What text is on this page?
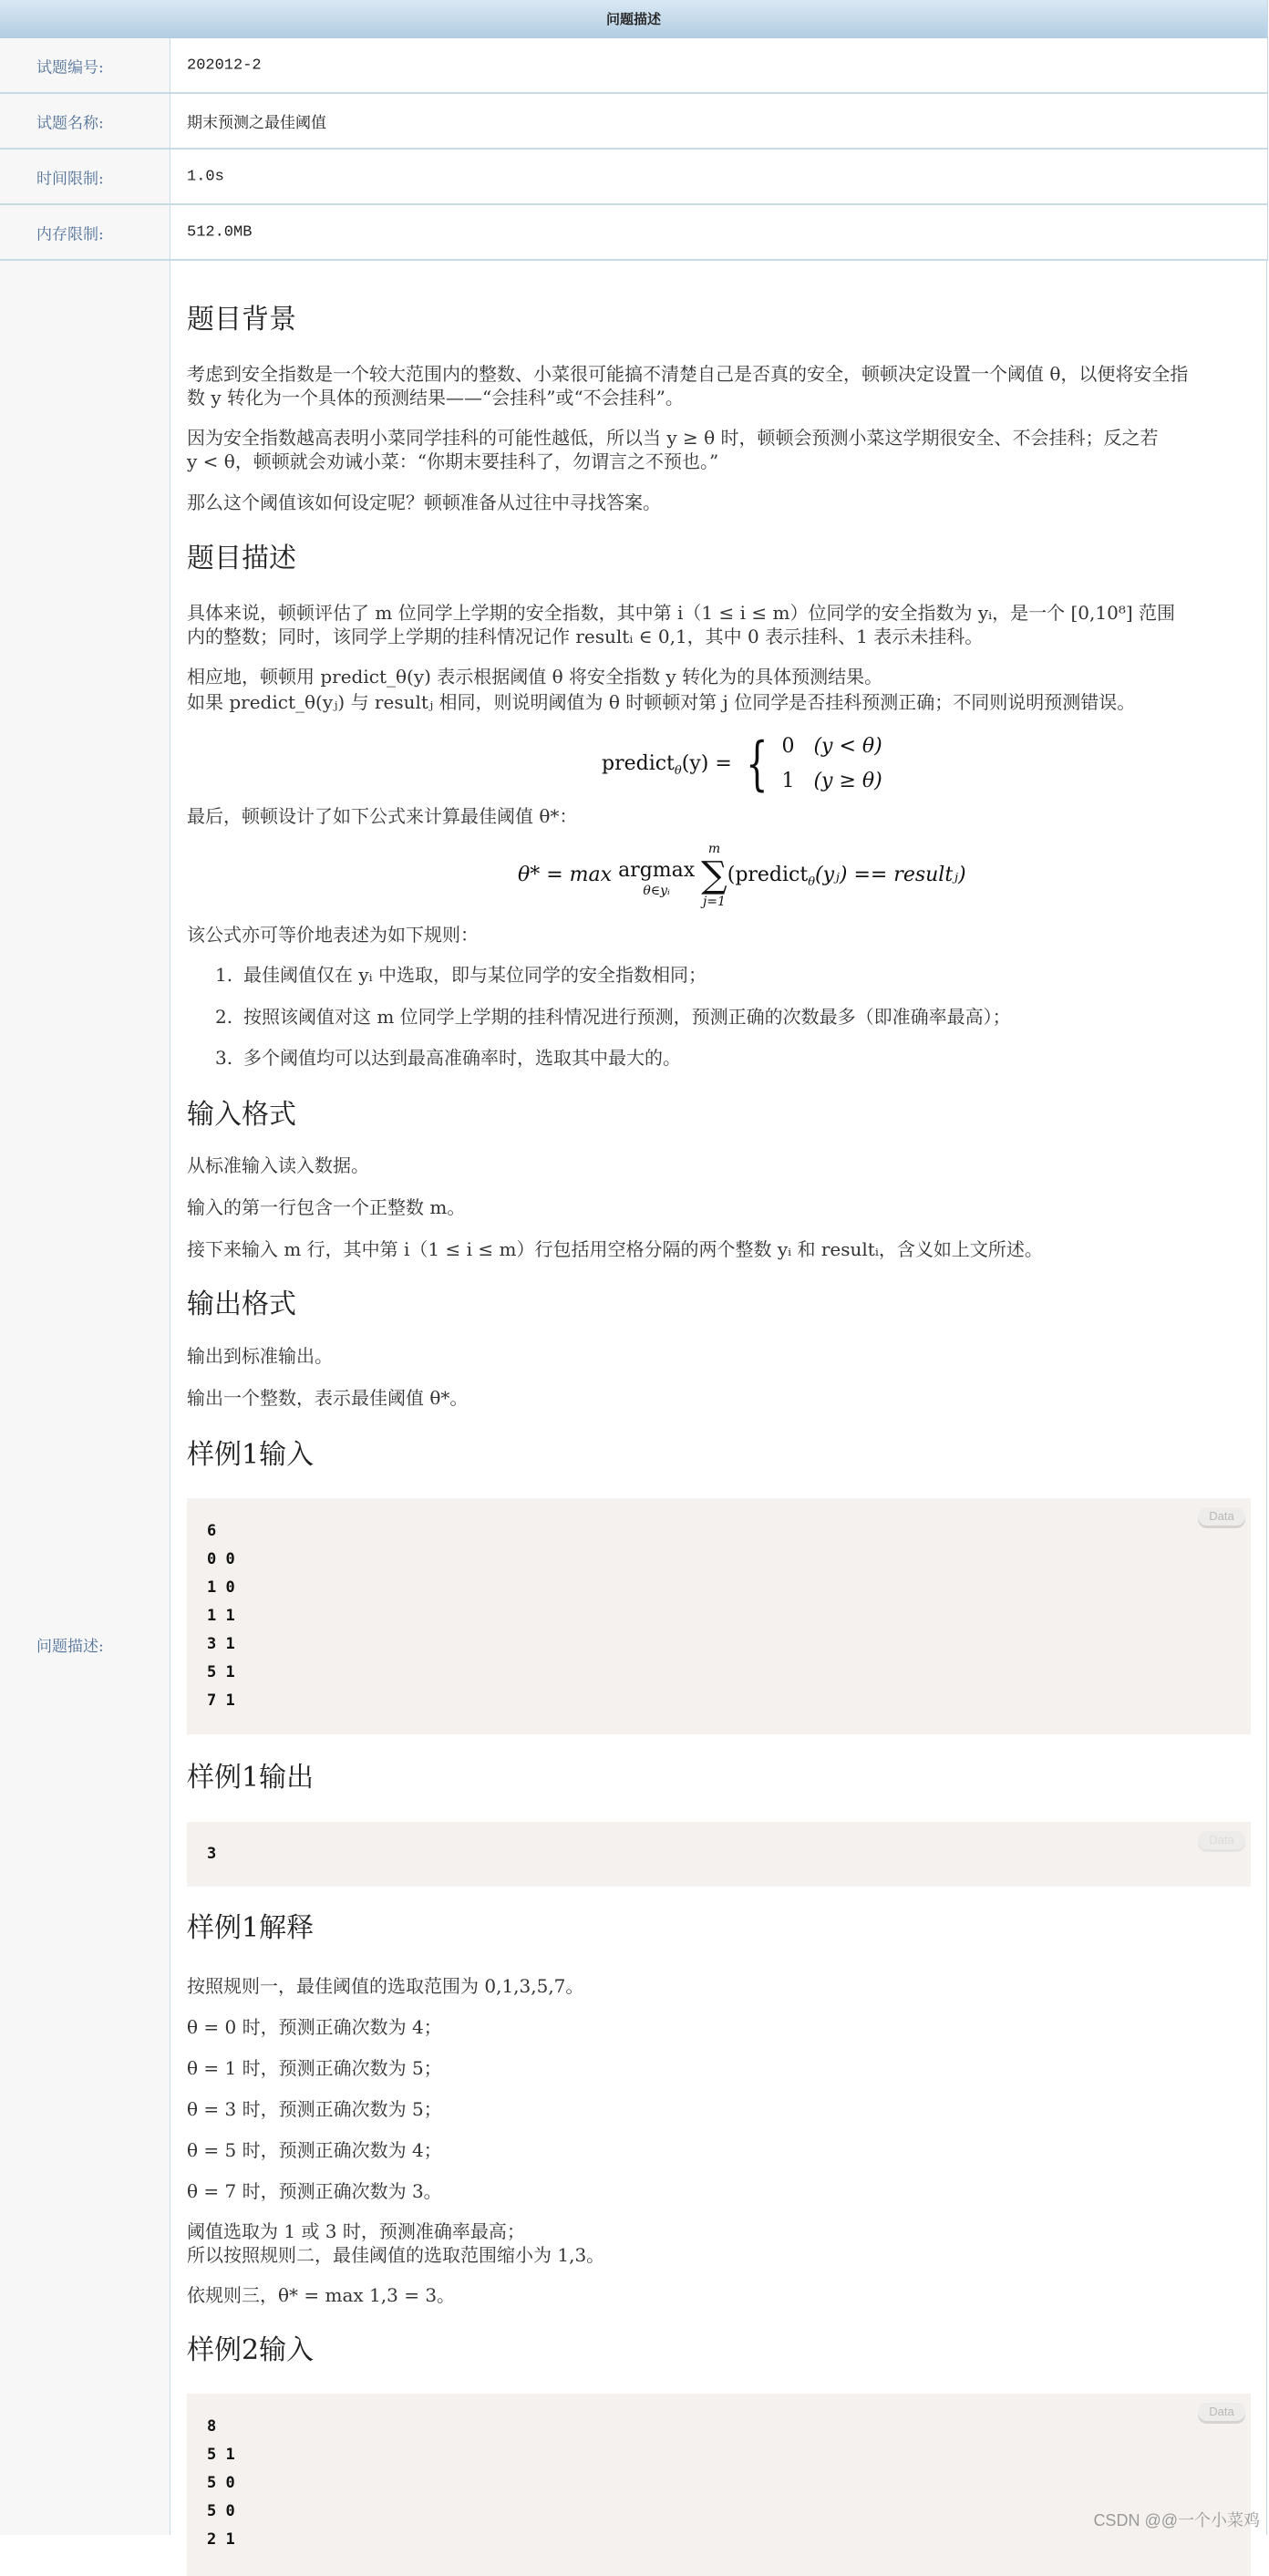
问题描述
试题编号:	202012-2
试题名称:	期末预测之最佳阈值
时间限制:	1.0s
内存限制:	512.0MB
问题描述:
题目背景
考虑到安全指数是一个较大范围内的整数、小菜很可能搞不清楚自己是否真的安全，顿顿决定设置一个阈值 θ，以便将安全指
数 y 转化为一个具体的预测结果——“会挂科”或“不会挂科”。
因为安全指数越高表明小菜同学挂科的可能性越低，所以当 y ≥ θ 时，顿顿会预测小菜这学期很安全、不会挂科；反之若
y < θ，顿顿就会劝诫小菜：“你期末要挂科了，勿谓言之不预也。”
那么这个阈值该如何设定呢？顿顿准备从过往中寻找答案。
题目描述
具体来说，顿顿评估了 m 位同学上学期的安全指数，其中第 i（1 ≤ i ≤ m）位同学的安全指数为 yᵢ，是一个 [0,10⁸] 范围
内的整数；同时，该同学上学期的挂科情况记作 resultᵢ ∈ 0,1，其中 0 表示挂科、1 表示未挂科。
相应地，顿顿用 predict_θ(y) 表示根据阈值 θ 将安全指数 y 转化为的具体预测结果。
如果 predict_θ(yⱼ) 与 resultⱼ 相同，则说明阈值为 θ 时顿顿对第 j 位同学是否挂科预测正确；不同则说明预测错误。
predict$_\theta$(y) = { 0 (y < θ)
1 (y ≥ θ)
最后，顿顿设计了如下公式来计算最佳阈值 θ*：
θ* = max argmax
θ∈yᵢ

m
∑
j=1
(predict$_\theta$(yⱼ) == resultⱼ)
该公式亦可等价地表述为如下规则：
1. 最佳阈值仅在 yᵢ 中选取，即与某位同学的安全指数相同；
2. 按照该阈值对这 m 位同学上学期的挂科情况进行预测，预测正确的次数最多（即准确率最高）；
3. 多个阈值均可以达到最高准确率时，选取其中最大的。
输入格式
从标准输入读入数据。
输入的第一行包含一个正整数 m。
接下来输入 m 行，其中第 i（1 ≤ i ≤ m）行包括用空格分隔的两个整数 yᵢ 和 resultᵢ，含义如上文所述。
输出格式
输出到标准输出。
输出一个整数，表示最佳阈值 θ*。
样例1输入
Data
6
0 0
1 0
1 1
3 1
5 1
7 1
样例1输出
Data
3
样例1解释
按照规则一，最佳阈值的选取范围为 0,1,3,5,7。
θ = 0 时，预测正确次数为 4；
θ = 1 时，预测正确次数为 5；
θ = 3 时，预测正确次数为 5；
θ = 5 时，预测正确次数为 4；
θ = 7 时，预测正确次数为 3。
阈值选取为 1 或 3 时，预测准确率最高；
所以按照规则二，最佳阈值的选取范围缩小为 1,3。
依规则三，θ* = max 1,3 = 3。
样例2输入
Data
8
5 1
5 0
5 0
2 1
CSDN @@一个小菜鸡
